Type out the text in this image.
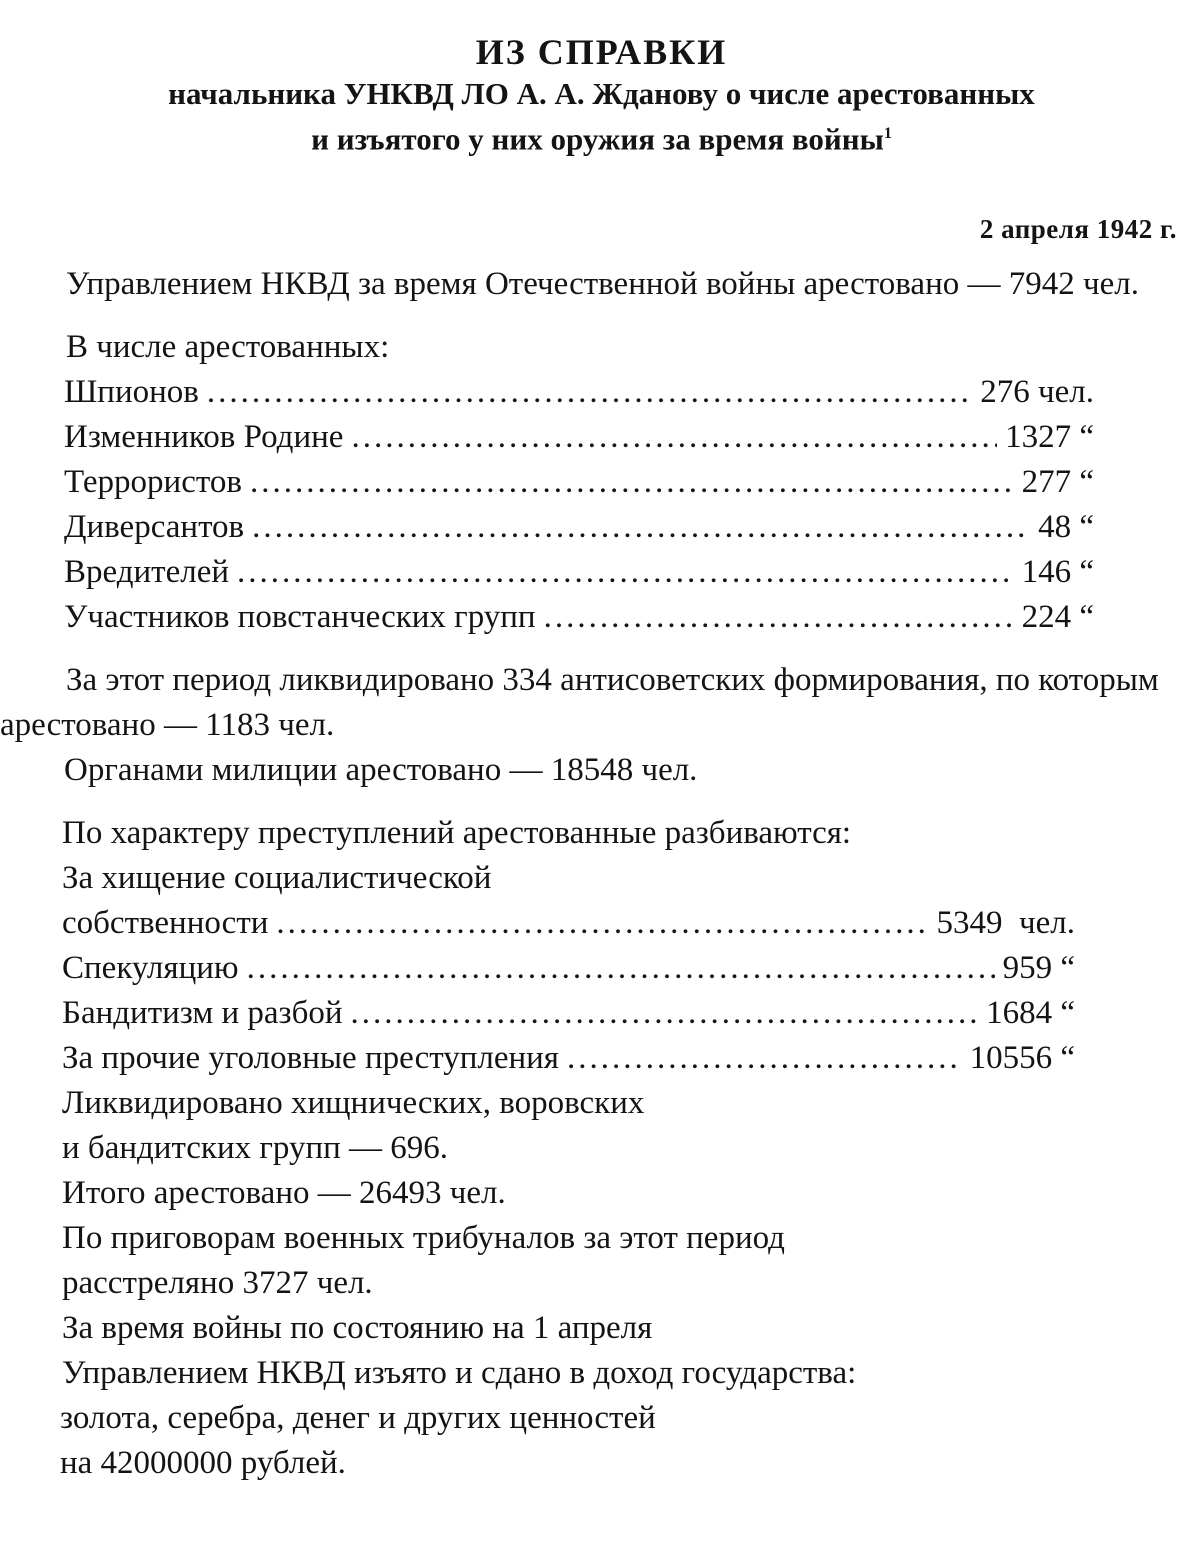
ИЗ СПРАВКИ
начальника УНКВД ЛО А. А. Жданову о числе арестованных
и изъятого у них оружия за время войны$^1$
2 апреля 1942 г.

Управлением НКВД за время Отечественной войны арестовано — 7942 чел.

В числе арестованных:

Шпионов .....	276 чел.
Изменников Родине .....	1327 “
Террористов .....	277 “
Диверсантов .....	48 “
Вредителей .....	146 “
Участников повстанческих групп .....	224 “

За этот период ликвидировано 334 антисоветских формирования, по которым арестовано — 1183 чел.

Органами милиции арестовано — 18548 чел.

По характеру преступлений арестованные разбиваются:

За хищение социалистической

собственности .....	5349  чел.
Спекуляцию .....	959 “
Бандитизм и разбой .....	1684 “
За прочие уголовные преступления .....	10556 “

Ликвидировано хищнических, воровских

и бандитских групп — 696.

Итого арестовано — 26493 чел.

По приговорам военных трибуналов за этот период

расстреляно 3727 чел.

За время войны по состоянию на 1 апреля

Управлением НКВД изъято и сдано в доход государства:

золота, серебра, денег и других ценностей

на 42000000 рублей.
